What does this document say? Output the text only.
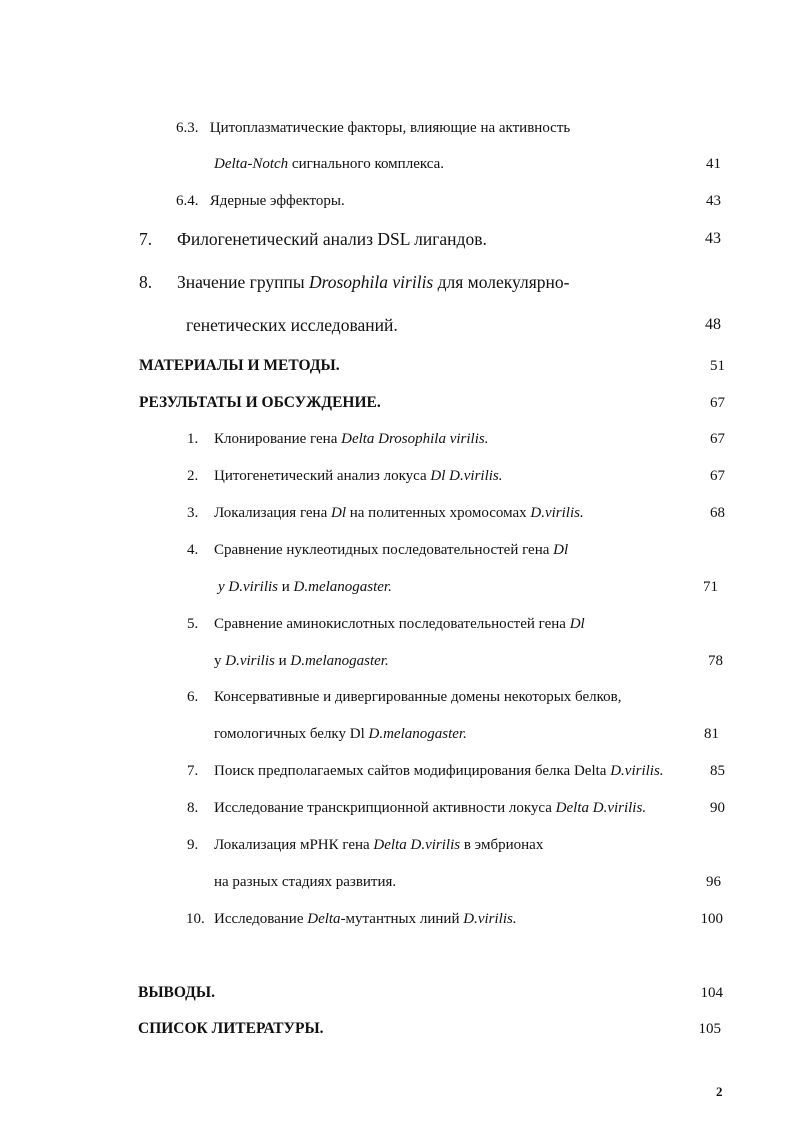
6.3. Цитоплазматические факторы, влияющие на активность
Delta-Notch сигнального комплекса.	41
6.4. Ядерные эффекторы.	43
7. Филогенетический анализ DSL лигандов.	43
8. Значение группы Drosophila virilis для молекулярно-
генетических исследований.	48
МАТЕРИАЛЫ И МЕТОДЫ.	51
РЕЗУЛЬТАТЫ И ОБСУЖДЕНИЕ.	67
1. Клонирование гена Delta Drosophila virilis.	67
2. Цитогенетический анализ локуса Dl D.virilis.	67
3. Локализация гена Dl на политенных хромосомах D.virilis.	68
4. Сравнение нуклеотидных последовательностей гена Dl
y D.virilis и D.melanogaster.	71
5. Сравнение аминокислотных последовательностей гена Dl
у D.virilis и D.melanogaster.	78
6. Консервативные и дивергированные домены некоторых белков,
гомологичных белку Dl D.melanogaster.	81
7. Поиск предполагаемых сайтов модифицирования белка Delta D.virilis.	85
8. Исследование транскрипционной активности локуса Delta D.virilis.	90
9. Локализация мРНК гена Delta D.virilis в эмбрионах
на разных стадиях развития.	96
10. Исследование Delta-мутантных линий D.virilis.	100
ВЫВОДЫ.	104
СПИСОК ЛИТЕРАТУРЫ.	105
2
